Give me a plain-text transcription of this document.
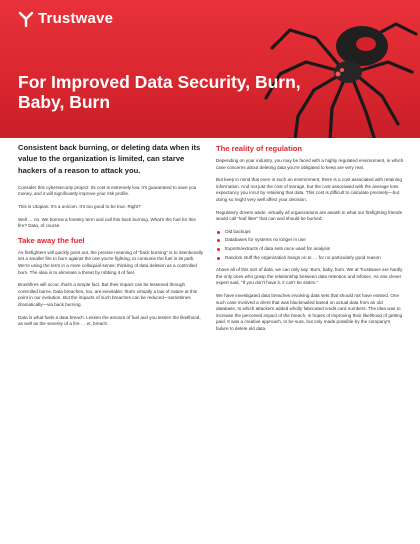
Trustwave
For Improved Data Security, Burn, Baby, Burn
Consistent back burning, or deleting data when its value to the organization is limited, can starve hackers of a reason to attack you.

Consider this cybersecurity project: Its cost is extremely low, it's guaranteed to save you money, and it will significantly improve your risk profile.

This is Utopian. It's a unicorn. It's too good to be true. Right?

Well … no. We borrow a forestry term and call this back burning. What's the fuel for this fire? Data, of course.

Take away the fuel

As firefighters will quickly point out, the precise meaning of "back burning" is to intentionally set a smaller fire to burn against the one you're fighting, to consume the fuel in its path. We're using the term in a more colloquial sense; thinking of data deletion as a controlled burn. The idea is to eliminate a threat by robbing it of fuel.

Brushfires will occur, that's a simple fact. But their impact can be lessened through controlled burns. Data breaches, too, are inevitable; that's virtually a law of nature at this point in our evolution. But the impacts of such breaches can be reduced—sometimes dramatically—via back burning.

Data is what fuels a data breach. Lessen the amount of fuel and you lessen the likelihood, as well as the severity of a fire … er, breach.

The reality of regulation

Depending on your industry, you may be faced with a highly regulated environment, in which case concerns about deleting data you're obligated to keep are very real.

But keep in mind that even in such an environment, there is a cost associated with retaining information. And not just the cost of storage, but the cost associated with the average loss expectancy you incur by retaining that data. This cost is difficult to calculate precisely—but doing so might very well affect your decision.

Regulatory drivers aside, virtually all organizations are awash in what our firefighting friends would call "leaf litter" that can and should be burned:

Old backups
Databases for systems no longer in use
Exports/extracts of data sets once used for analysis
Random stuff the organization hangs on to … for no particularly good reason

Above all of this sort of data, we can only say: Burn, baby, burn. We at Trustwave are hardly the only ones who grasp the relationship between data retention and infosec. As one clever expert said, "If you don't have it, it can't be stolen."

We have investigated data breaches involving data sets that should not have existed. One such case involved a client that was blackmailed based on actual data from an old database, to which attackers added wholly fabricated credit card numbers. The idea was to increase the perceived impact of the breach, in hopes of improving their likelihood of getting paid. It was a creative approach, to be sure, but only made possible by the company's failure to delete old data.
